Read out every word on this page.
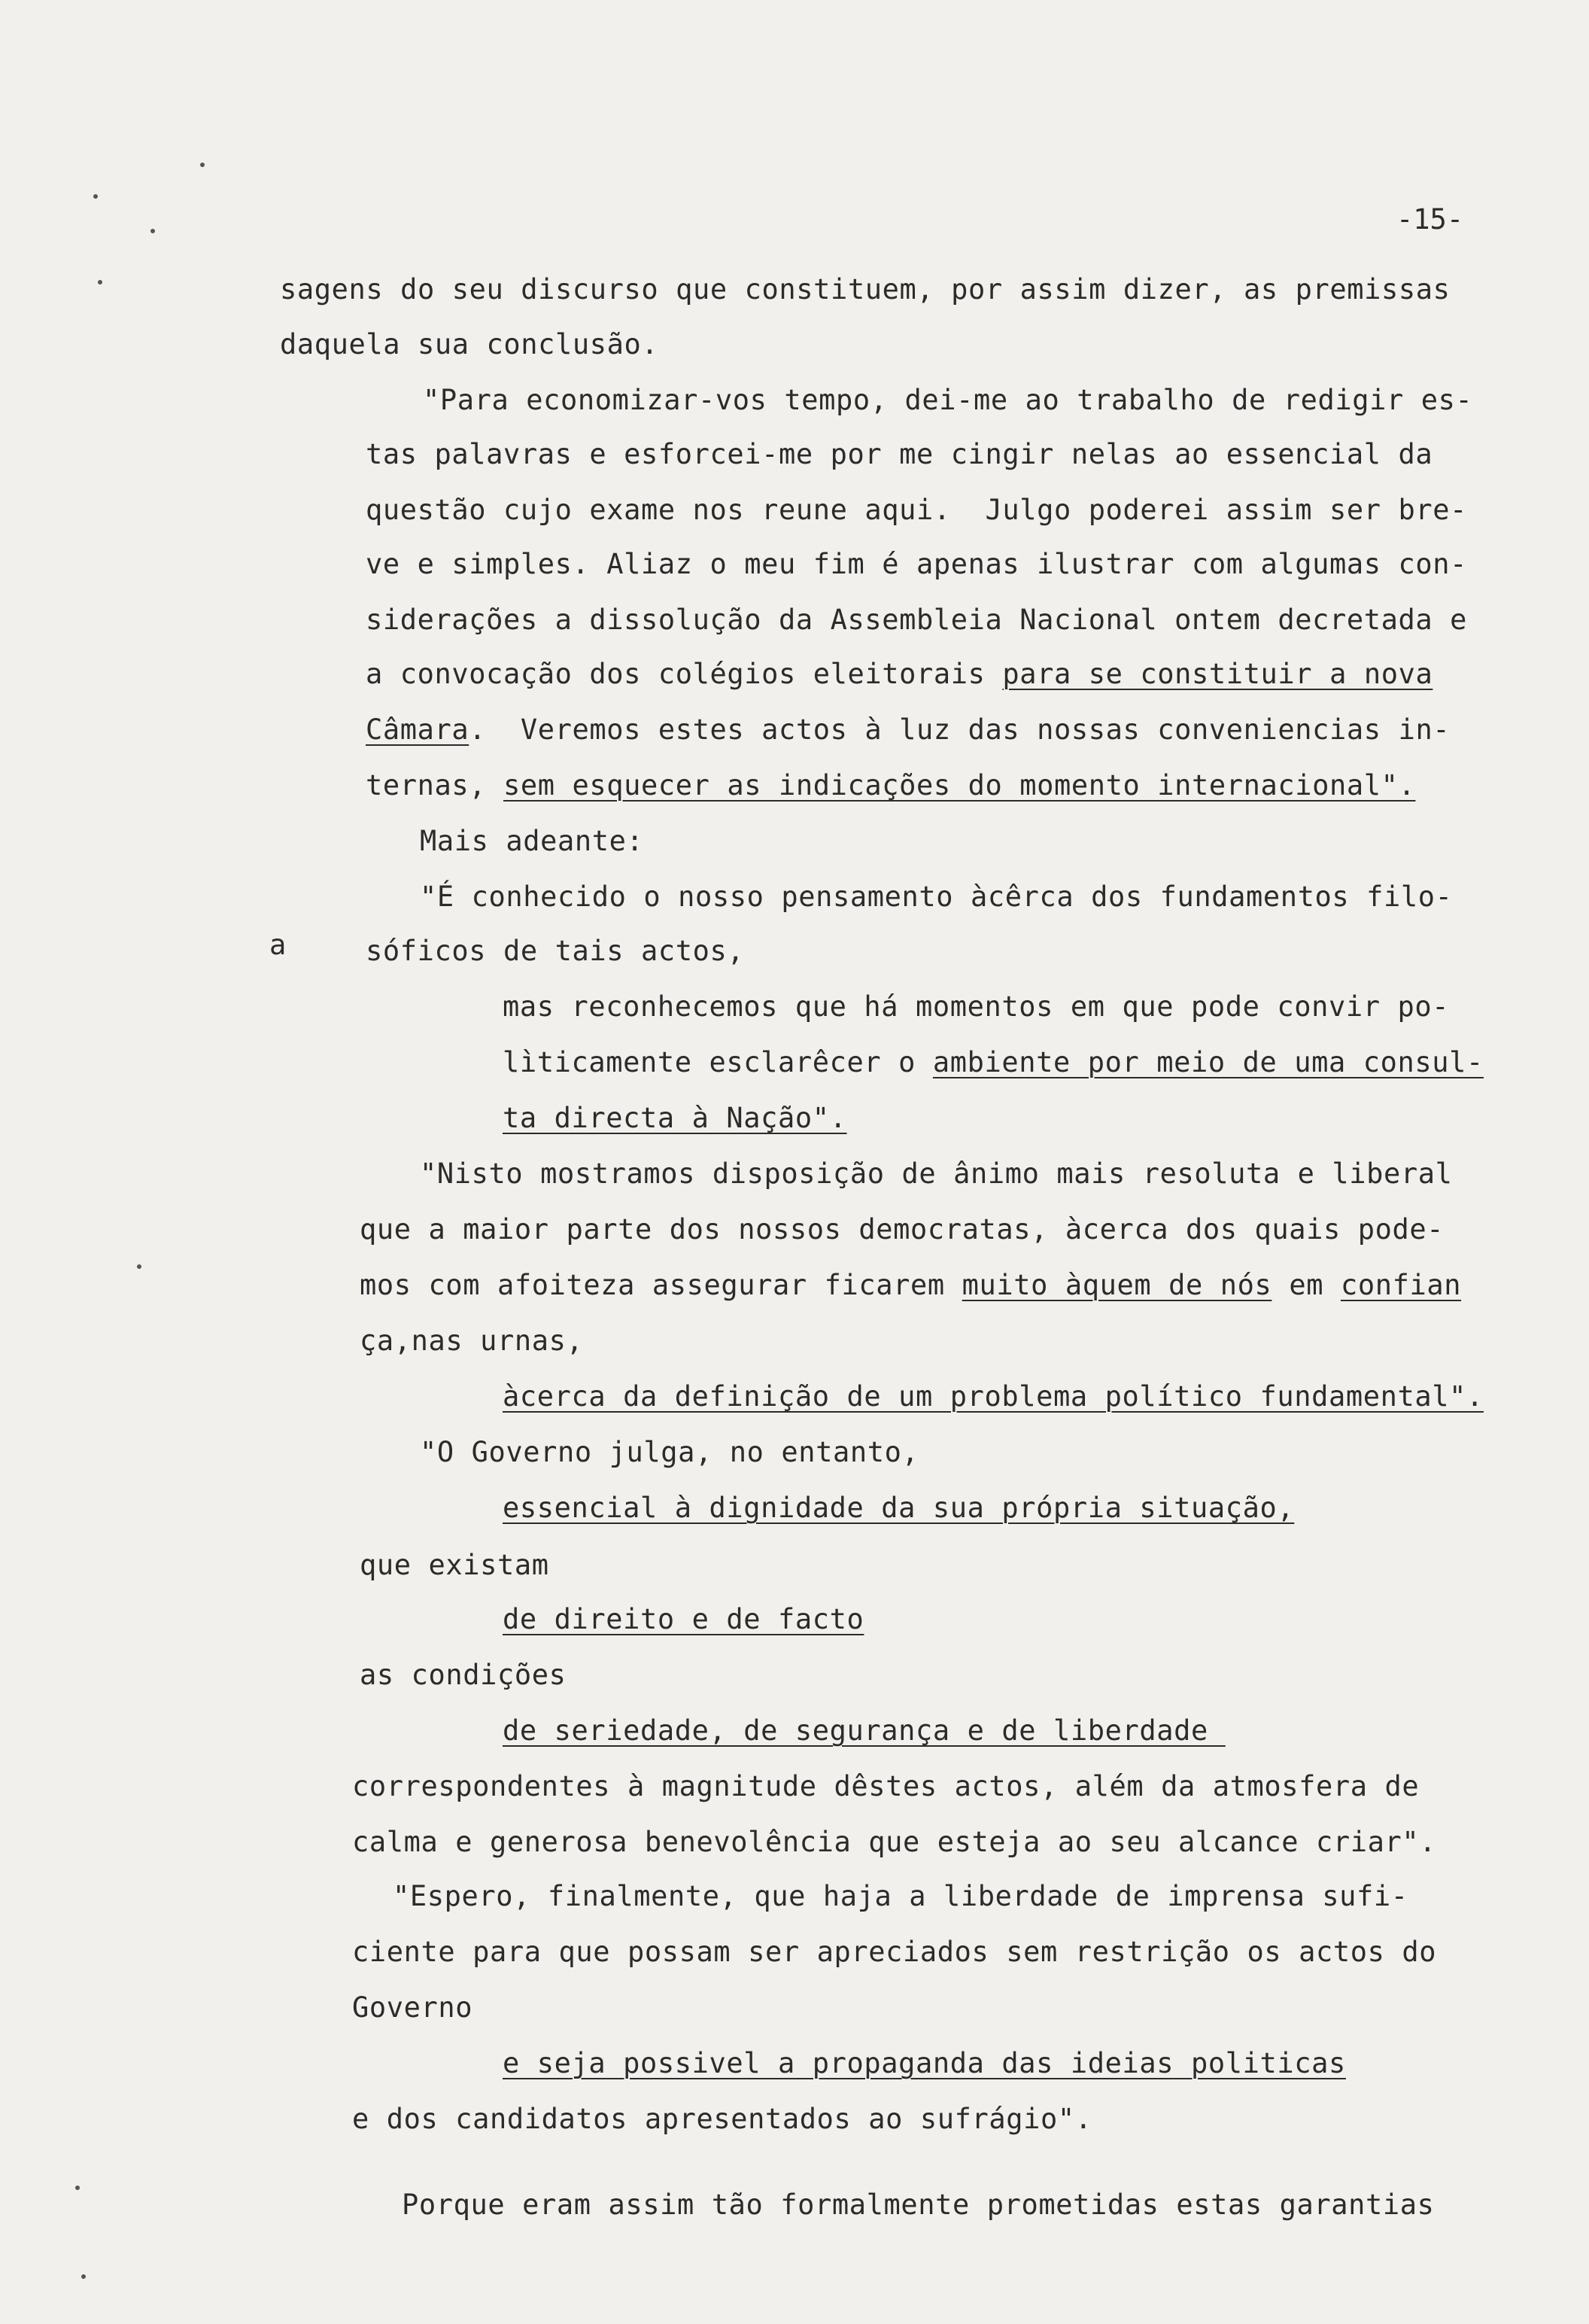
-15-
a
sagens do seu discurso que constituem, por assim dizer, as premissas
daquela sua conclusão.
"Para economizar-vos tempo, dei-me ao trabalho de redigir es-
tas palavras e esforcei-me por me cingir nelas ao essencial da
questão cujo exame nos reune aqui.  Julgo poderei assim ser bre-
ve e simples. Aliaz o meu fim é apenas ilustrar com algumas con-
siderações a dissolução da Assembleia Nacional ontem decretada e
a convocação dos colégios eleitorais para se constituir a nova
Câmara.  Veremos estes actos à luz das nossas conveniencias in-
ternas, sem esquecer as indicações do momento internacional".
Mais adeante:
"É conhecido o nosso pensamento àcêrca dos fundamentos filo-
sóficos de tais actos,
mas reconhecemos que há momentos em que pode convir po-
lìticamente esclarêcer o ambiente por meio de uma consul-
ta directa à Nação".
"Nisto mostramos disposição de ânimo mais resoluta e liberal
que a maior parte dos nossos democratas, àcerca dos quais pode-
mos com afoiteza assegurar ficarem muito àquem de nós em confian
ça,nas urnas,
àcerca da definição de um problema político fundamental".
"O Governo julga, no entanto,
essencial à dignidade da sua própria situação,
que existam
de direito e de facto
as condições
de seriedade, de segurança e de liberdade
correspondentes à magnitude dêstes actos, além da atmosfera de
calma e generosa benevolência que esteja ao seu alcance criar".
"Espero, finalmente, que haja a liberdade de imprensa sufi-
ciente para que possam ser apreciados sem restrição os actos do
Governo
e seja possivel a propaganda das ideias politicas
e dos candidatos apresentados ao sufrágio".
Porque eram assim tão formalmente prometidas estas garantias
